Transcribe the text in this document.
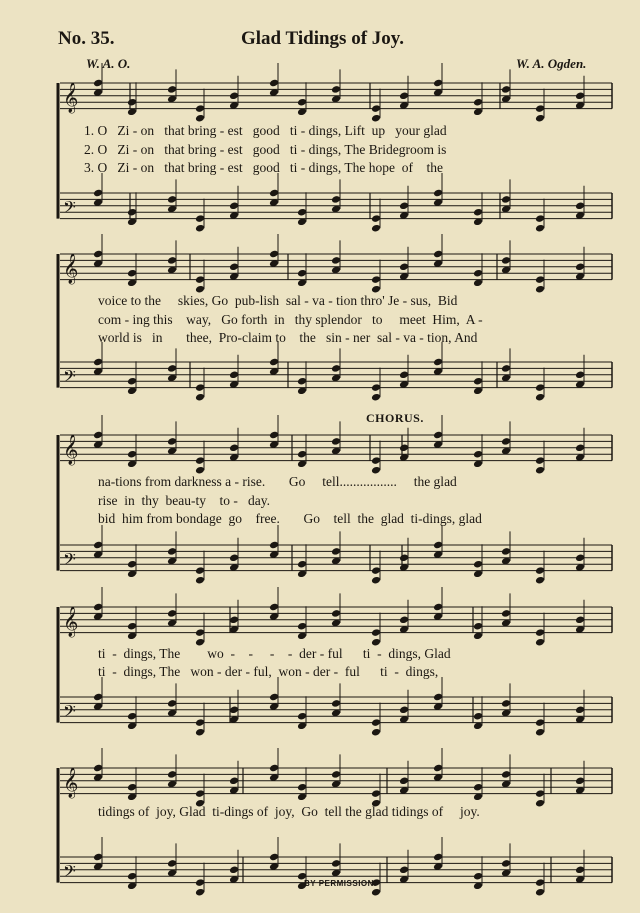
No. 35.	Glad Tidings of Joy.
W. A. O.	W. A. Ogden.
𝄞
𝄢
𝄞
𝄢
𝄞
𝄢
𝄞
𝄢
𝄞
𝄢
1. O   Zi - on   that bring - est   good   ti - dings, Lift  up   your glad
2. O   Zi - on   that bring - est   good   ti - dings, The Bridegroom is
3. O   Zi - on   that bring - est   good   ti - dings, The hope  of    the
voice to the     skies, Go  pub-lish  sal - va - tion thro' Je - sus,  Bid
com - ing this    way,   Go forth  in   thy splendor   to     meet  Him,  A -
world is   in       thee,  Pro-claim to    the   sin - ner  sal - va - tion, And
CHORUS.
na-tions from darkness a - rise.       Go     tell.................     the glad
rise  in  thy  beau-ty    to -   day.
bid  him from bondage  go    free.       Go    tell  the  glad  ti-dings, glad
ti  -  dings, The        wo  -    -     -    -  der - ful      ti  -  dings, Glad
ti  -  dings, The   won - der - ful,  won - der -  ful      ti  -  dings,
tidings of  joy, Glad  ti-dings of  joy,  Go  tell the glad tidings of     joy.
BY PERMISSION.
